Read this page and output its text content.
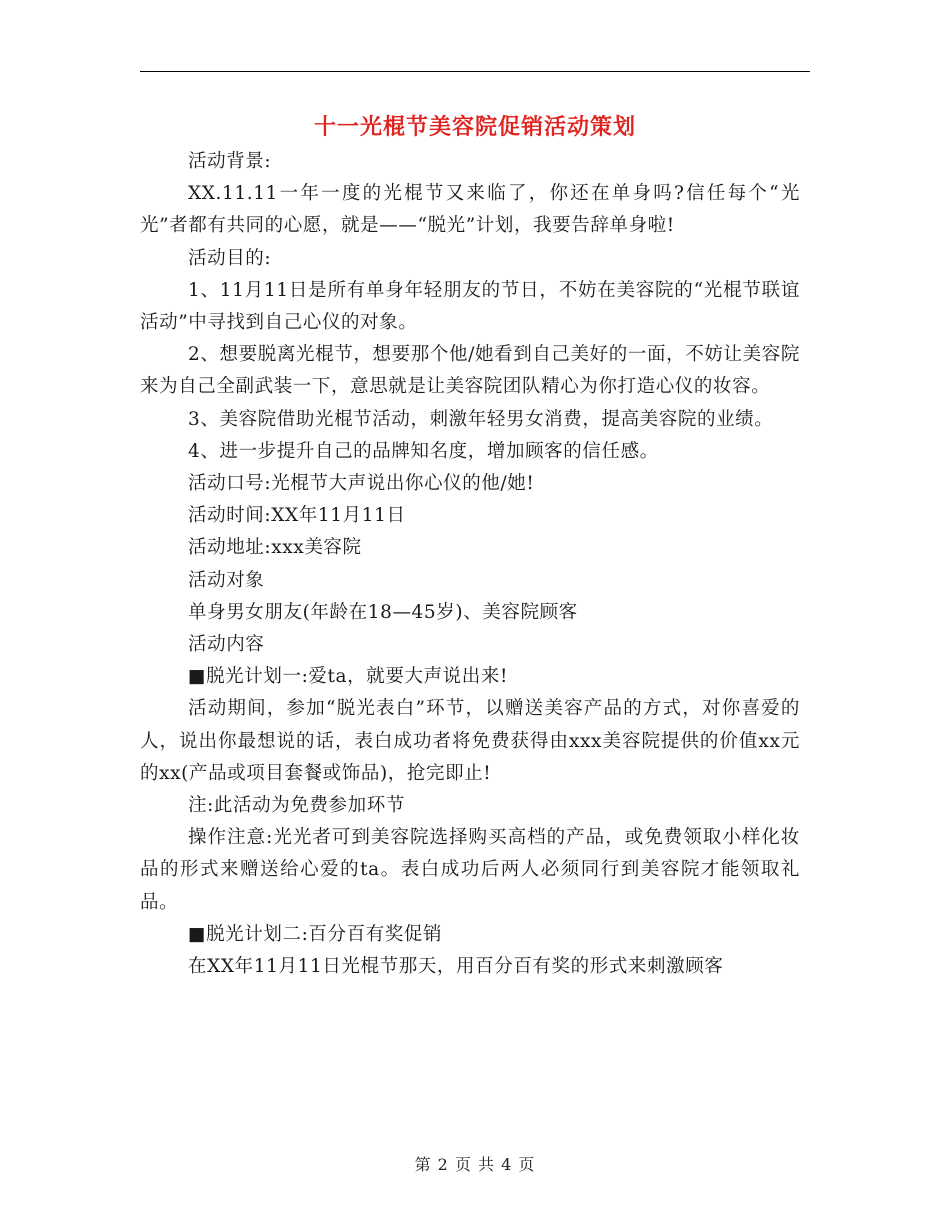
十一光棍节美容院促销活动策划

活动背景:

XX.11.11一年一度的光棍节又来临了，你还在单身吗?信任每个“光光”者都有共同的心愿，就是——“脱光”计划，我要告辞单身啦!

活动目的:

1、11月11日是所有单身年轻朋友的节日，不妨在美容院的“光棍节联谊活动”中寻找到自己心仪的对象。

2、想要脱离光棍节，想要那个他/她看到自己美好的一面，不妨让美容院来为自己全副武装一下，意思就是让美容院团队精心为你打造心仪的妆容。

3、美容院借助光棍节活动，刺激年轻男女消费，提高美容院的业绩。

4、进一步提升自己的品牌知名度，增加顾客的信任感。

活动口号:光棍节大声说出你心仪的他/她!

活动时间:XX年11月11日

活动地址:xxx美容院

活动对象

单身男女朋友(年龄在18—45岁)、美容院顾客

活动内容

■脱光计划一:爱ta，就要大声说出来!

活动期间，参加“脱光表白”环节，以赠送美容产品的方式，对你喜爱的人，说出你最想说的话，表白成功者将免费获得由xxx美容院提供的价值xx元的xx(产品或项目套餐或饰品)，抢完即止!

注:此活动为免费参加环节

操作注意:光光者可到美容院选择购买高档的产品，或免费领取小样化妆品的形式来赠送给心爱的ta。表白成功后两人必须同行到美容院才能领取礼品。

■脱光计划二:百分百有奖促销

在XX年11月11日光棍节那天，用百分百有奖的形式来刺激顾客

第 2 页 共 4 页
